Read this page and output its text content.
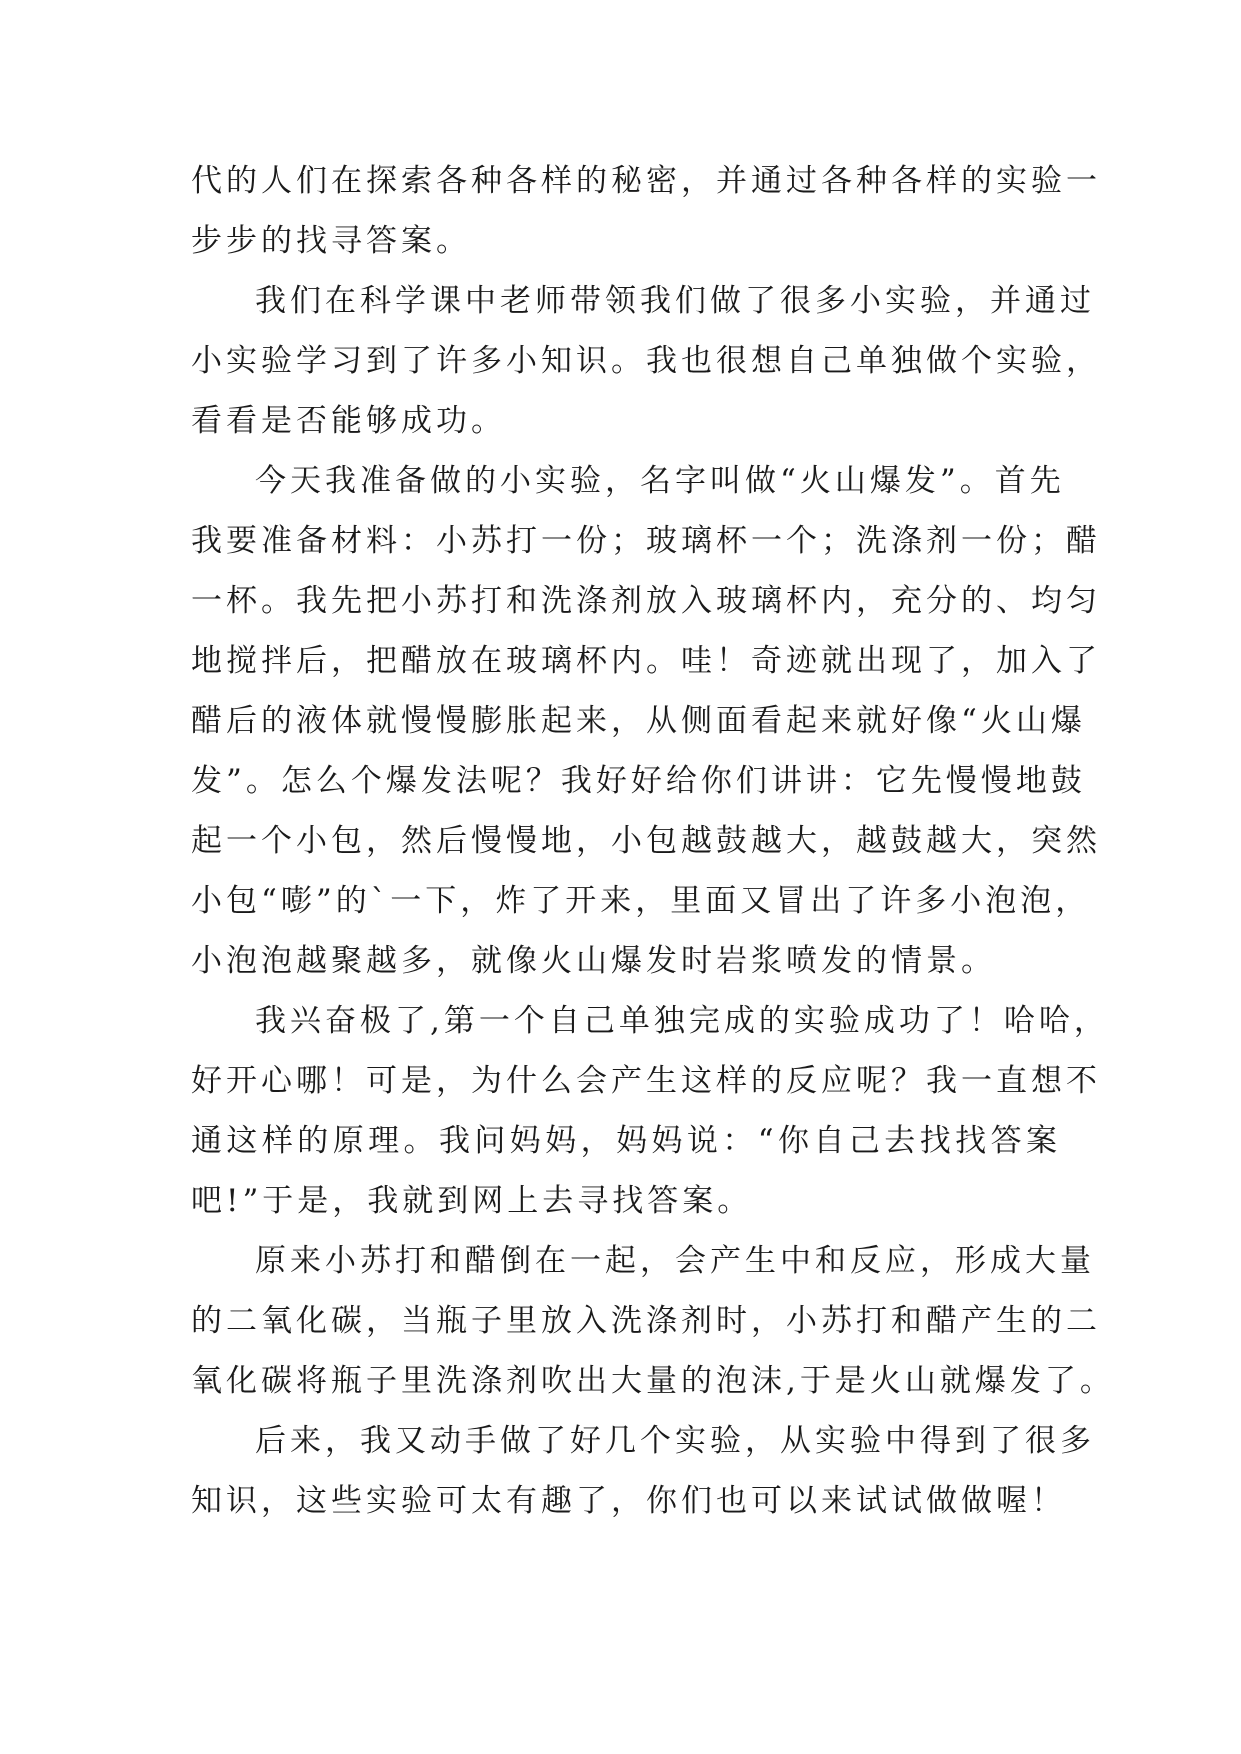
代的人们在探索各种各样的秘密，并通过各种各样的实验一
步步的找寻答案。
我们在科学课中老师带领我们做了很多小实验，并通过
小实验学习到了许多小知识。我也很想自己单独做个实验，
看看是否能够成功。
今天我准备做的小实验，名字叫做“火山爆发”。首先
我要准备材料：小苏打一份；玻璃杯一个；洗涤剂一份；醋
一杯。我先把小苏打和洗涤剂放入玻璃杯内，充分的、均匀
地搅拌后，把醋放在玻璃杯内。哇！奇迹就出现了，加入了
醋后的液体就慢慢膨胀起来，从侧面看起来就好像“火山爆
发”。怎么个爆发法呢？我好好给你们讲讲：它先慢慢地鼓
起一个小包，然后慢慢地，小包越鼓越大，越鼓越大，突然
小包“嘭”的`一下，炸了开来，里面又冒出了许多小泡泡，
小泡泡越聚越多，就像火山爆发时岩浆喷发的情景。
我兴奋极了,第一个自己单独完成的实验成功了！哈哈，
好开心哪！可是，为什么会产生这样的反应呢？我一直想不
通这样的原理。我问妈妈，妈妈说：“你自己去找找答案
吧!”于是，我就到网上去寻找答案。
原来小苏打和醋倒在一起，会产生中和反应，形成大量
的二氧化碳，当瓶子里放入洗涤剂时，小苏打和醋产生的二
氧化碳将瓶子里洗涤剂吹出大量的泡沫,于是火山就爆发了。
后来，我又动手做了好几个实验，从实验中得到了很多
知识，这些实验可太有趣了，你们也可以来试试做做喔！
